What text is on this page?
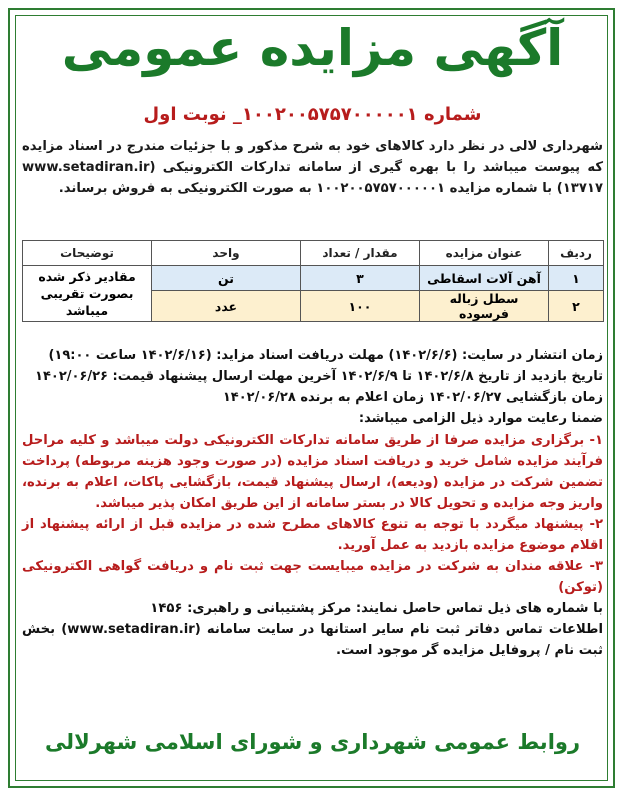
آگهی مزایده عمومی
شماره ۱۰۰۲۰۰۵۷۵۷۰۰۰۰۰۱_ نوبت اول
شهرداری لالی در نظر دارد کالاهای خود به شرح مذکور و با جزئیات مندرج در اسناد مزایده که پیوست میباشد را با بهره گیری از سامانه تدارکات الکترونیکی (www.setadiran.ir ۱۳۷۱۷) با شماره مزایده ۱۰۰۲۰۰۵۷۵۷۰۰۰۰۰۱ به صورت الکترونیکی به فروش برساند.
ردیف	عنوان مزایده	مقدار / تعداد	واحد	توضیحات
۱	آهن آلات اسقاطی	۳	تن	مقادیر ذکر شده بصورت تقریبی میباشد
۲	سطل زباله فرسوده	۱۰۰	عدد	
زمان انتشار در سایت: (۱۴۰۲/۶/۶) مهلت دریافت اسناد مزاید: (۱۴۰۲/۶/۱۶ ساعت ۱۹:۰۰)
تاریخ بازدید از تاریخ ۱۴۰۲/۶/۸ تا ۱۴۰۲/۶/۹ آخرین مهلت ارسال پیشنهاد قیمت: ۱۴۰۲/۰۶/۲۶
زمان بازگشایی ۱۴۰۲/۰۶/۲۷ زمان اعلام به برنده ۱۴۰۲/۰۶/۲۸
ضمنا رعایت موارد ذیل الزامی میباشد:
۱- برگزاری مزایده صرفا از طریق سامانه تدارکات الکترونیکی دولت میباشد و کلیه مراحل فرآیند مزایده شامل خرید و دریافت اسناد مزایده (در صورت وجود هزینه مربوطه) پرداخت تضمین شرکت در مزایده (ودیعه)، ارسال پیشنهاد قیمت، بازگشایی پاکات، اعلام به برنده، واریز وجه مزایده و تحویل کالا در بستر سامانه از این طریق امکان پذیر میباشد.
۲- پیشنهاد میگردد با توجه به تنوع کالاهای مطرح شده در مزایده قبل از ارائه پیشنهاد از اقلام موضوع مزایده بازدید به عمل آورید.
۳- علاقه مندان به شرکت در مزایده میبایست جهت ثبت نام و دریافت گواهی الکترونیکی (توکن)
با شماره های ذیل تماس حاصل نمایند: مرکز پشتیبانی و راهبری: ۱۴۵۶
اطلاعات تماس دفاتر ثبت نام سایر استانها در سایت سامانه (www.setadiran.ir) بخش ثبت نام / پروفایل مزایده گر موجود است.
روابط عمومی شهرداری و شورای اسلامی شهرلالی
